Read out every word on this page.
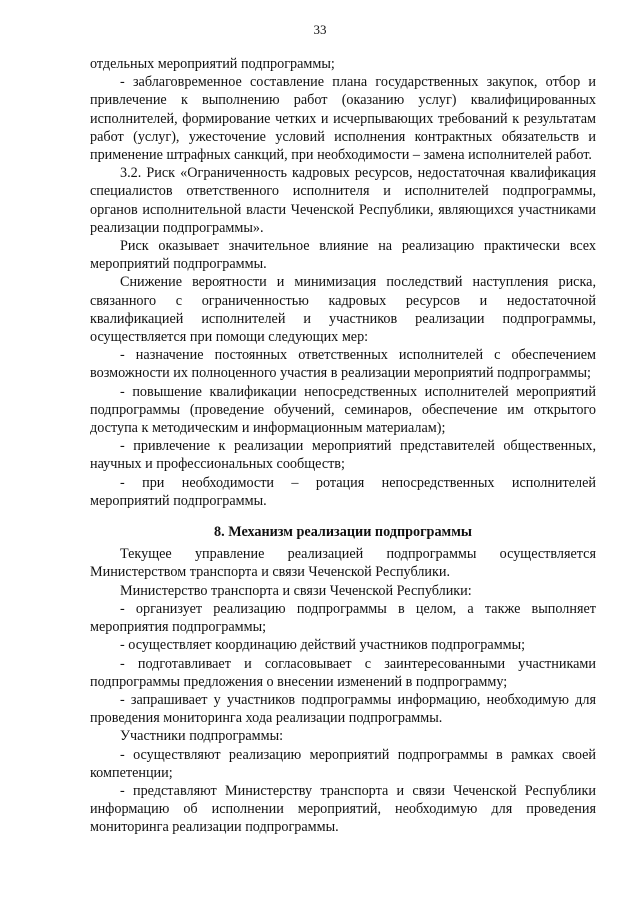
33

отдельных мероприятий подпрограммы;

- заблаговременное составление плана государственных закупок, отбор и привлечение к выполнению работ (оказанию услуг) квалифицированных исполнителей, формирование четких и исчерпывающих требований к результатам работ (услуг), ужесточение условий исполнения контрактных обязательств и применение штрафных санкций, при необходимости – замена исполнителей работ.

3.2. Риск «Ограниченность кадровых ресурсов, недостаточная квалификация специалистов ответственного исполнителя и исполнителей подпрограммы, органов исполнительной власти Чеченской Республики, являющихся участниками реализации подпрограммы».

Риск оказывает значительное влияние на реализацию практически всех мероприятий подпрограммы.

Снижение вероятности и минимизация последствий наступления риска, связанного с ограниченностью кадровых ресурсов и недостаточной квалификацией исполнителей и участников реализации подпрограммы, осуществляется при помощи следующих мер:

- назначение постоянных ответственных исполнителей с обеспечением возможности их полноценного участия в реализации мероприятий подпрограммы;

- повышение квалификации непосредственных исполнителей мероприятий подпрограммы (проведение обучений, семинаров, обеспечение им открытого доступа к методическим и информационным материалам);

- привлечение к реализации мероприятий представителей общественных, научных и профессиональных сообществ;

- при необходимости – ротация непосредственных исполнителей мероприятий подпрограммы.

8. Механизм реализации подпрограммы

Текущее управление реализацией подпрограммы осуществляется Министерством транспорта и связи Чеченской Республики.

Министерство транспорта и связи Чеченской Республики:

- организует реализацию подпрограммы в целом, а также выполняет мероприятия подпрограммы;

- осуществляет координацию действий участников подпрограммы;

- подготавливает и согласовывает с заинтересованными участниками подпрограммы предложения о внесении изменений в подпрограмму;

- запрашивает у участников подпрограммы информацию, необходимую для проведения мониторинга хода реализации подпрограммы.

Участники подпрограммы:

- осуществляют реализацию мероприятий подпрограммы в рамках своей компетенции;

- представляют Министерству транспорта и связи Чеченской Республики информацию об исполнении мероприятий, необходимую для проведения мониторинга реализации подпрограммы.
